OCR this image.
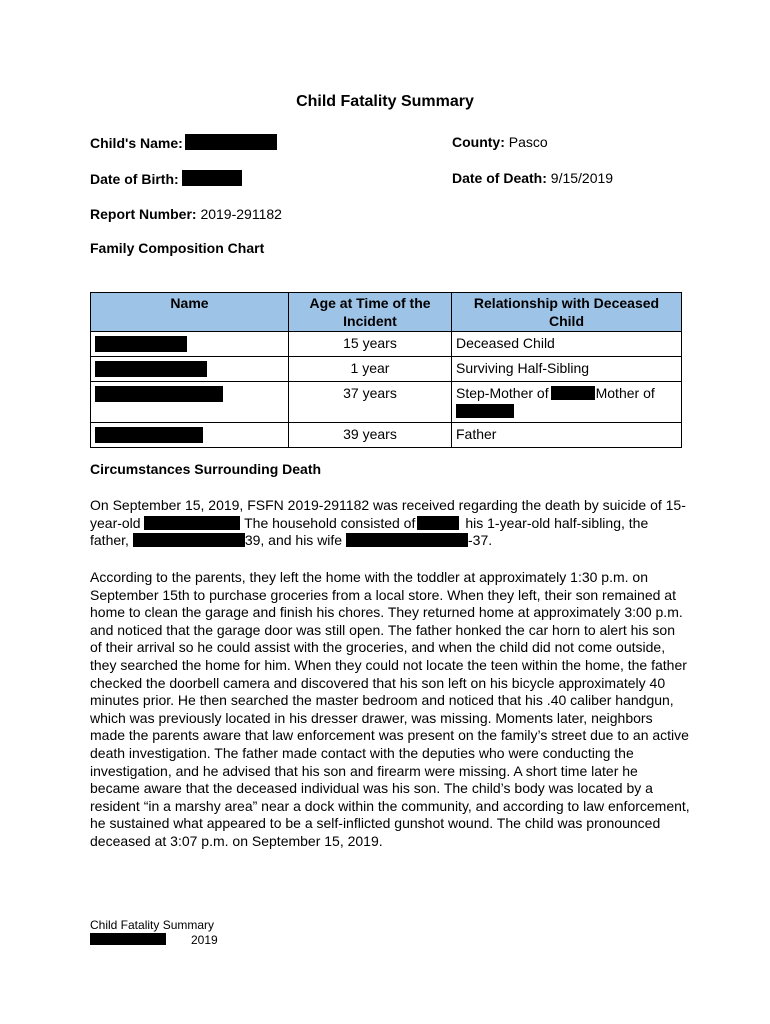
Child Fatality Summary
Child's Name:	County: Pasco
Date of Birth:	Date of Death: 9/15/2019
Report Number: 2019-291182
Family Composition Chart
Name	Age at Time of the Incident	Relationship with Deceased Child
	15 years	Deceased Child
	1 year	Surviving Half-Sibling
	37 years	Step-Mother of Mother of

	39 years	Father
Circumstances Surrounding Death

On September 15, 2019, FSFN 2019-291182 was received regarding the death by suicide of 15-year-old	The household consisted of	his 1-year-old half-sibling, the father,	39, and his wife	-37.

According to the parents, they left the home with the toddler at approximately 1:30 p.m. on September 15th to purchase groceries from a local store. When they left, their son remained at home to clean the garage and finish his chores. They returned home at approximately 3:00 p.m. and noticed that the garage door was still open. The father honked the car horn to alert his son of their arrival so he could assist with the groceries, and when the child did not come outside, they searched the home for him. When they could not locate the teen within the home, the father checked the doorbell camera and discovered that his son left on his bicycle approximately 40 minutes prior. He then searched the master bedroom and noticed that his .40 caliber handgun, which was previously located in his dresser drawer, was missing. Moments later, neighbors made the parents aware that law enforcement was present on the family’s street due to an active death investigation. The father made contact with the deputies who were conducting the investigation, and he advised that his son and firearm were missing. A short time later he became aware that the deceased individual was his son. The child’s body was located by a resident “in a marshy area” near a dock within the community, and according to law enforcement, he sustained what appeared to be a self-inflicted gunshot wound. The child was pronounced deceased at 3:07 p.m. on September 15, 2019.

Child Fatality Summary
2019
